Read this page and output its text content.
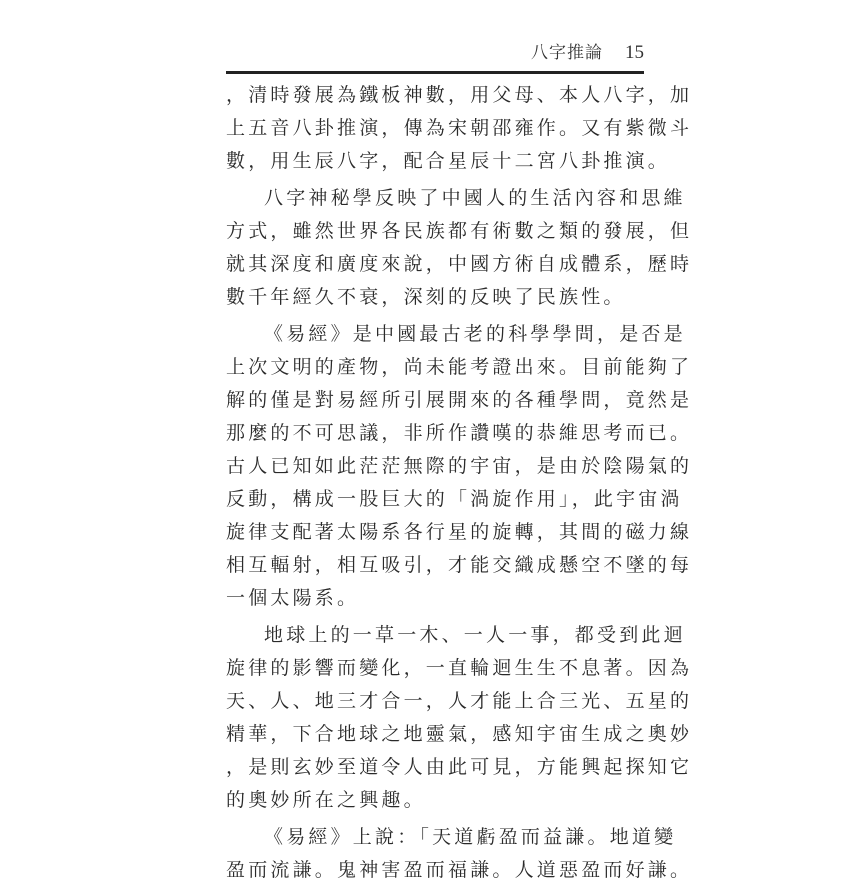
八字推論 15
，清時發展為鐵板神數，用父母、本人八字，加
上五音八卦推演，傳為宋朝邵雍作。又有紫微斗
數，用生辰八字，配合星辰十二宮八卦推演。
八字神秘學反映了中國人的生活內容和思維
方式，雖然世界各民族都有術數之類的發展，但
就其深度和廣度來說，中國方術自成體系，歷時
數千年經久不衰，深刻的反映了民族性。
《易經》是中國最古老的科學學問，是否是
上次文明的產物，尚未能考證出來。目前能夠了
解的僅是對易經所引展開來的各種學問，竟然是
那麼的不可思議，非所作讚嘆的恭維思考而已。
古人已知如此茫茫無際的宇宙，是由於陰陽氣的
反動，構成一股巨大的「渦旋作用」，此宇宙渦
旋律支配著太陽系各行星的旋轉，其間的磁力線
相互輻射，相互吸引，才能交織成懸空不墜的每
一個太陽系。
地球上的一草一木、一人一事，都受到此迴
旋律的影響而變化，一直輪迴生生不息著。因為
天、人、地三才合一，人才能上合三光、五星的
精華，下合地球之地靈氣，感知宇宙生成之奧妙
，是則玄妙至道令人由此可見，方能興起探知它
的奧妙所在之興趣。
《易經》上說：「天道虧盈而益謙。地道變
盈而流謙。鬼神害盈而福謙。人道惡盈而好謙。
